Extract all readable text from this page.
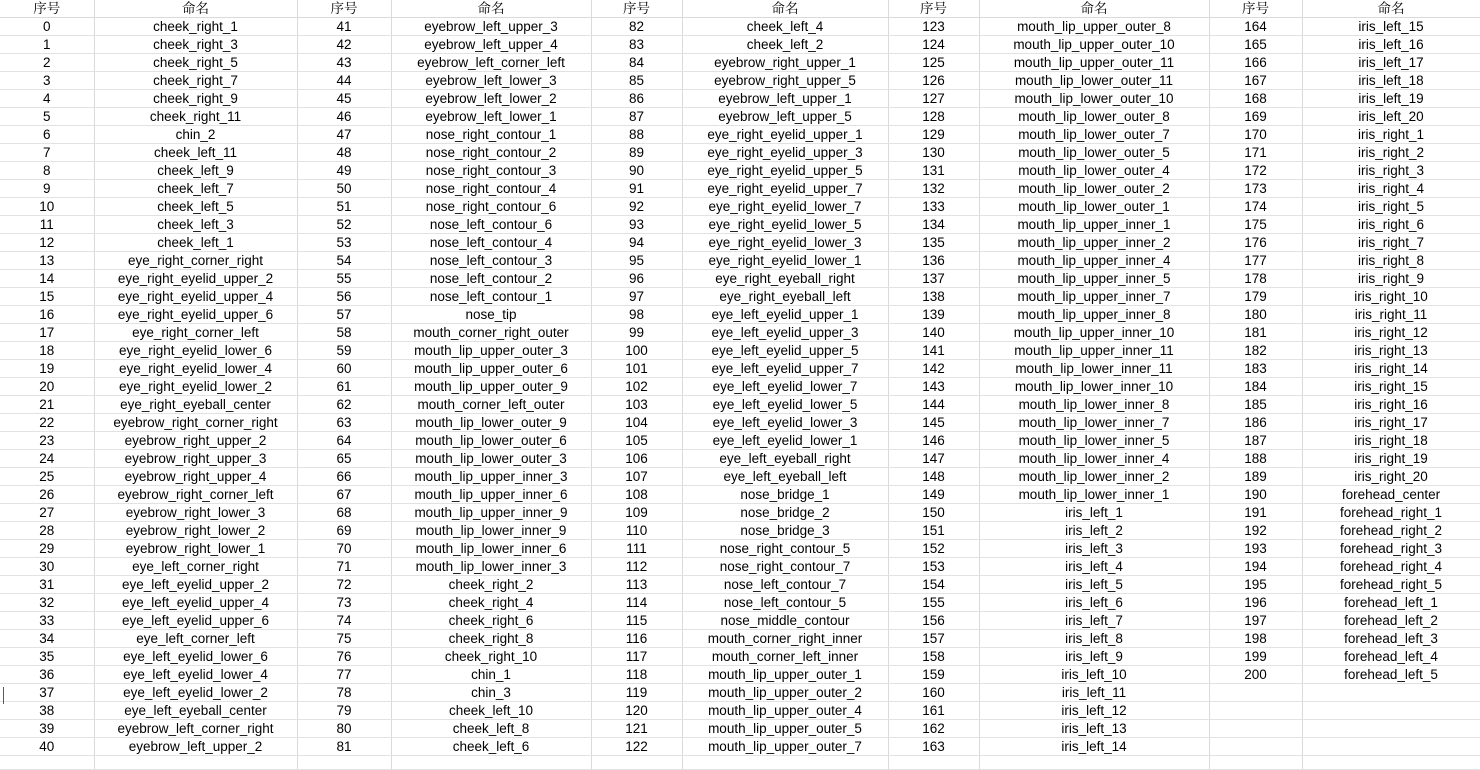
序号	命名	序号	命名	序号	命名	序号	命名	序号	命名
0	cheek_right_1	41	eyebrow_left_upper_3	82	cheek_left_4	123	mouth_lip_upper_outer_8	164	iris_left_15
1	cheek_right_3	42	eyebrow_left_upper_4	83	cheek_left_2	124	mouth_lip_upper_outer_10	165	iris_left_16
2	cheek_right_5	43	eyebrow_left_corner_left	84	eyebrow_right_upper_1	125	mouth_lip_upper_outer_11	166	iris_left_17
3	cheek_right_7	44	eyebrow_left_lower_3	85	eyebrow_right_upper_5	126	mouth_lip_lower_outer_11	167	iris_left_18
4	cheek_right_9	45	eyebrow_left_lower_2	86	eyebrow_left_upper_1	127	mouth_lip_lower_outer_10	168	iris_left_19
5	cheek_right_11	46	eyebrow_left_lower_1	87	eyebrow_left_upper_5	128	mouth_lip_lower_outer_8	169	iris_left_20
6	chin_2	47	nose_right_contour_1	88	eye_right_eyelid_upper_1	129	mouth_lip_lower_outer_7	170	iris_right_1
7	cheek_left_11	48	nose_right_contour_2	89	eye_right_eyelid_upper_3	130	mouth_lip_lower_outer_5	171	iris_right_2
8	cheek_left_9	49	nose_right_contour_3	90	eye_right_eyelid_upper_5	131	mouth_lip_lower_outer_4	172	iris_right_3
9	cheek_left_7	50	nose_right_contour_4	91	eye_right_eyelid_upper_7	132	mouth_lip_lower_outer_2	173	iris_right_4
10	cheek_left_5	51	nose_right_contour_6	92	eye_right_eyelid_lower_7	133	mouth_lip_lower_outer_1	174	iris_right_5
11	cheek_left_3	52	nose_left_contour_6	93	eye_right_eyelid_lower_5	134	mouth_lip_upper_inner_1	175	iris_right_6
12	cheek_left_1	53	nose_left_contour_4	94	eye_right_eyelid_lower_3	135	mouth_lip_upper_inner_2	176	iris_right_7
13	eye_right_corner_right	54	nose_left_contour_3	95	eye_right_eyelid_lower_1	136	mouth_lip_upper_inner_4	177	iris_right_8
14	eye_right_eyelid_upper_2	55	nose_left_contour_2	96	eye_right_eyeball_right	137	mouth_lip_upper_inner_5	178	iris_right_9
15	eye_right_eyelid_upper_4	56	nose_left_contour_1	97	eye_right_eyeball_left	138	mouth_lip_upper_inner_7	179	iris_right_10
16	eye_right_eyelid_upper_6	57	nose_tip	98	eye_left_eyelid_upper_1	139	mouth_lip_upper_inner_8	180	iris_right_11
17	eye_right_corner_left	58	mouth_corner_right_outer	99	eye_left_eyelid_upper_3	140	mouth_lip_upper_inner_10	181	iris_right_12
18	eye_right_eyelid_lower_6	59	mouth_lip_upper_outer_3	100	eye_left_eyelid_upper_5	141	mouth_lip_upper_inner_11	182	iris_right_13
19	eye_right_eyelid_lower_4	60	mouth_lip_upper_outer_6	101	eye_left_eyelid_upper_7	142	mouth_lip_lower_inner_11	183	iris_right_14
20	eye_right_eyelid_lower_2	61	mouth_lip_upper_outer_9	102	eye_left_eyelid_lower_7	143	mouth_lip_lower_inner_10	184	iris_right_15
21	eye_right_eyeball_center	62	mouth_corner_left_outer	103	eye_left_eyelid_lower_5	144	mouth_lip_lower_inner_8	185	iris_right_16
22	eyebrow_right_corner_right	63	mouth_lip_lower_outer_9	104	eye_left_eyelid_lower_3	145	mouth_lip_lower_inner_7	186	iris_right_17
23	eyebrow_right_upper_2	64	mouth_lip_lower_outer_6	105	eye_left_eyelid_lower_1	146	mouth_lip_lower_inner_5	187	iris_right_18
24	eyebrow_right_upper_3	65	mouth_lip_lower_outer_3	106	eye_left_eyeball_right	147	mouth_lip_lower_inner_4	188	iris_right_19
25	eyebrow_right_upper_4	66	mouth_lip_upper_inner_3	107	eye_left_eyeball_left	148	mouth_lip_lower_inner_2	189	iris_right_20
26	eyebrow_right_corner_left	67	mouth_lip_upper_inner_6	108	nose_bridge_1	149	mouth_lip_lower_inner_1	190	forehead_center
27	eyebrow_right_lower_3	68	mouth_lip_upper_inner_9	109	nose_bridge_2	150	iris_left_1	191	forehead_right_1
28	eyebrow_right_lower_2	69	mouth_lip_lower_inner_9	110	nose_bridge_3	151	iris_left_2	192	forehead_right_2
29	eyebrow_right_lower_1	70	mouth_lip_lower_inner_6	111	nose_right_contour_5	152	iris_left_3	193	forehead_right_3
30	eye_left_corner_right	71	mouth_lip_lower_inner_3	112	nose_right_contour_7	153	iris_left_4	194	forehead_right_4
31	eye_left_eyelid_upper_2	72	cheek_right_2	113	nose_left_contour_7	154	iris_left_5	195	forehead_right_5
32	eye_left_eyelid_upper_4	73	cheek_right_4	114	nose_left_contour_5	155	iris_left_6	196	forehead_left_1
33	eye_left_eyelid_upper_6	74	cheek_right_6	115	nose_middle_contour	156	iris_left_7	197	forehead_left_2
34	eye_left_corner_left	75	cheek_right_8	116	mouth_corner_right_inner	157	iris_left_8	198	forehead_left_3
35	eye_left_eyelid_lower_6	76	cheek_right_10	117	mouth_corner_left_inner	158	iris_left_9	199	forehead_left_4
36	eye_left_eyelid_lower_4	77	chin_1	118	mouth_lip_upper_outer_1	159	iris_left_10	200	forehead_left_5
37	eye_left_eyelid_lower_2	78	chin_3	119	mouth_lip_upper_outer_2	160	iris_left_11		
38	eye_left_eyeball_center	79	cheek_left_10	120	mouth_lip_upper_outer_4	161	iris_left_12		
39	eyebrow_left_corner_right	80	cheek_left_8	121	mouth_lip_upper_outer_5	162	iris_left_13		
40	eyebrow_left_upper_2	81	cheek_left_6	122	mouth_lip_upper_outer_7	163	iris_left_14		
